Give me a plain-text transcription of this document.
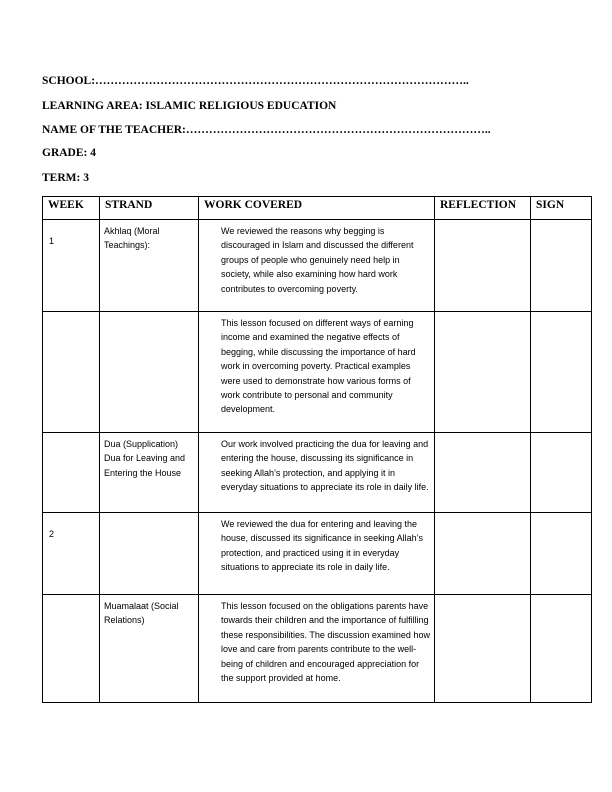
SCHOOL:……………………………………………………………………………………..
LEARNING AREA: ISLAMIC RELIGIOUS EDUCATION
NAME OF THE TEACHER:……………………………………………………………………..
GRADE: 4
TERM: 3
WEEK	STRAND	WORK COVERED	REFLECTION	SIGN
1	Akhlaq (Moral Teachings):	We reviewed the reasons why begging is discouraged in Islam and discussed the different groups of people who genuinely need help in society, while also examining how hard work contributes to overcoming poverty.		
		This lesson focused on different ways of earning income and examined the negative effects of begging, while discussing the importance of hard work in overcoming poverty. Practical examples were used to demonstrate how various forms of work contribute to personal and community development.		
	Dua (Supplication) Dua for Leaving and Entering the House	Our work involved practicing the dua for leaving and entering the house, discussing its significance in seeking Allah’s protection, and applying it in everyday situations to appreciate its role in daily life.		
2		We reviewed the dua for entering and leaving the house, discussed its significance in seeking Allah’s protection, and practiced using it in everyday situations to appreciate its role in daily life.		
	Muamalaat (Social Relations)	This lesson focused on the obligations parents have towards their children and the importance of fulfilling these responsibilities. The discussion examined how love and care from parents contribute to the well-being of children and encouraged appreciation for the support provided at home.		
